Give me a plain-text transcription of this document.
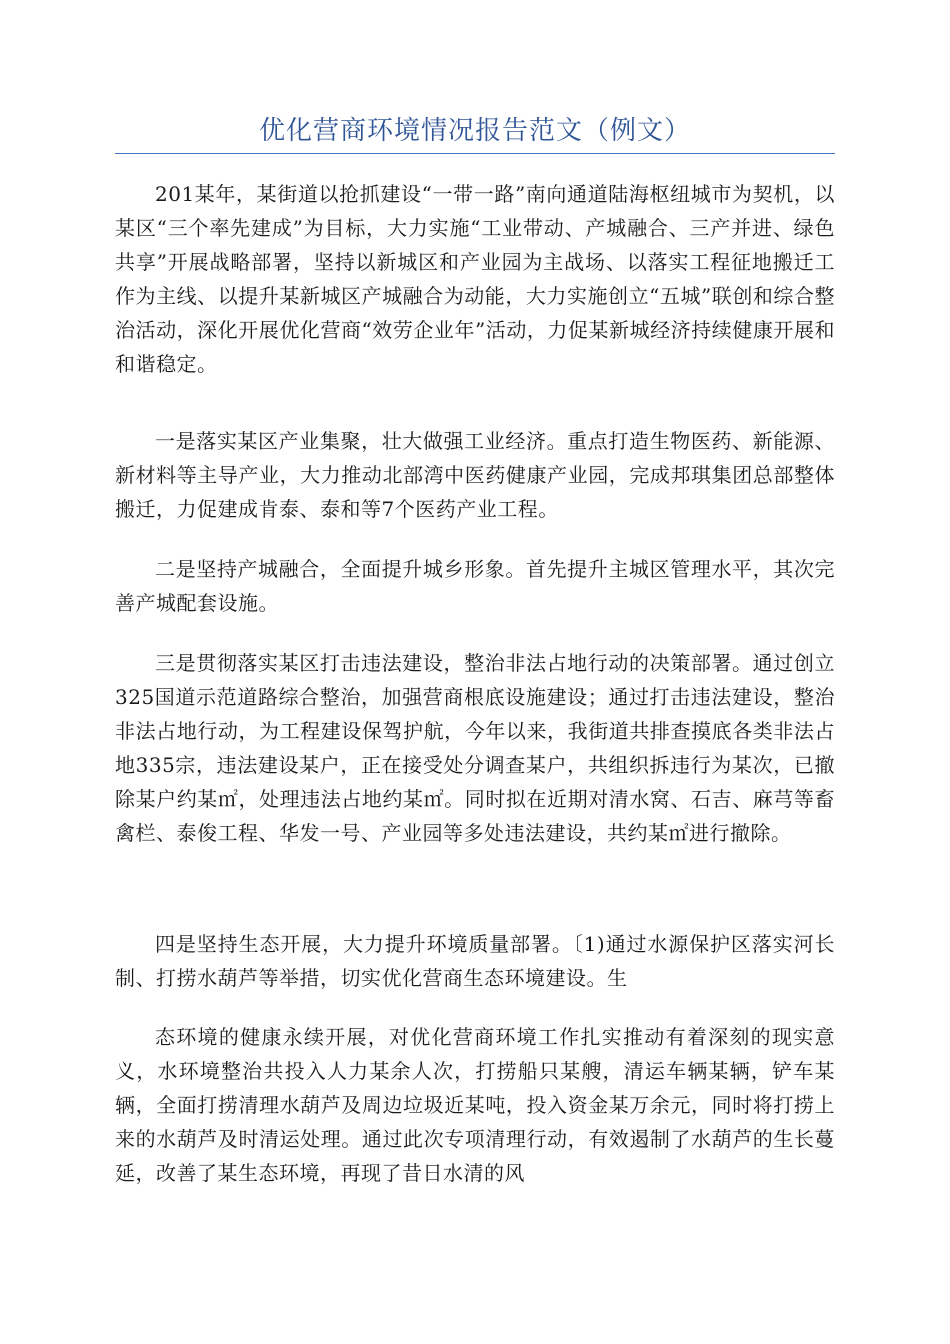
优化营商环境情况报告范文（例文）

201某年，某街道以抢抓建设“一带一路”南向通道陆海枢纽城市为契机，以某区“三个率先建成”为目标，大力实施“工业带动、产城融合、三产并进、绿色共享”开展战略部署，坚持以新城区和产业园为主战场、以落实工程征地搬迁工作为主线、以提升某新城区产城融合为动能，大力实施创立“五城”联创和综合整治活动，深化开展优化营商“效劳企业年”活动，力促某新城经济持续健康开展和和谐稳定。

一是落实某区产业集聚，壮大做强工业经济。重点打造生物医药、新能源、新材料等主导产业，大力推动北部湾中医药健康产业园，完成邦琪集团总部整体搬迁，力促建成肯泰、泰和等7个医药产业工程。

二是坚持产城融合，全面提升城乡形象。首先提升主城区管理水平，其次完善产城配套设施。

三是贯彻落实某区打击违法建设，整治非法占地行动的决策部署。通过创立325国道示范道路综合整治，加强营商根底设施建设；通过打击违法建设，整治非法占地行动，为工程建设保驾护航，今年以来，我街道共排查摸底各类非法占地335宗，违法建设某户，正在接受处分调查某户，共组织拆违行为某次，已撤除某户约某㎡，处理违法占地约某㎡。同时拟在近期对清水窝、石吉、麻芎等畜禽栏、泰俊工程、华发一号、产业园等多处违法建设，共约某㎡进行撤除。

四是坚持生态开展，大力提升环境质量部署。〔1)通过水源保护区落实河长制、打捞水葫芦等举措，切实优化营商生态环境建设。生

态环境的健康永续开展，对优化营商环境工作扎实推动有着深刻的现实意义，水环境整治共投入人力某余人次，打捞船只某艘，清运车辆某辆，铲车某辆，全面打捞清理水葫芦及周边垃圾近某吨，投入资金某万余元，同时将打捞上来的水葫芦及时清运处理。通过此次专项清理行动，有效遏制了水葫芦的生长蔓延，改善了某生态环境，再现了昔日水清的风
